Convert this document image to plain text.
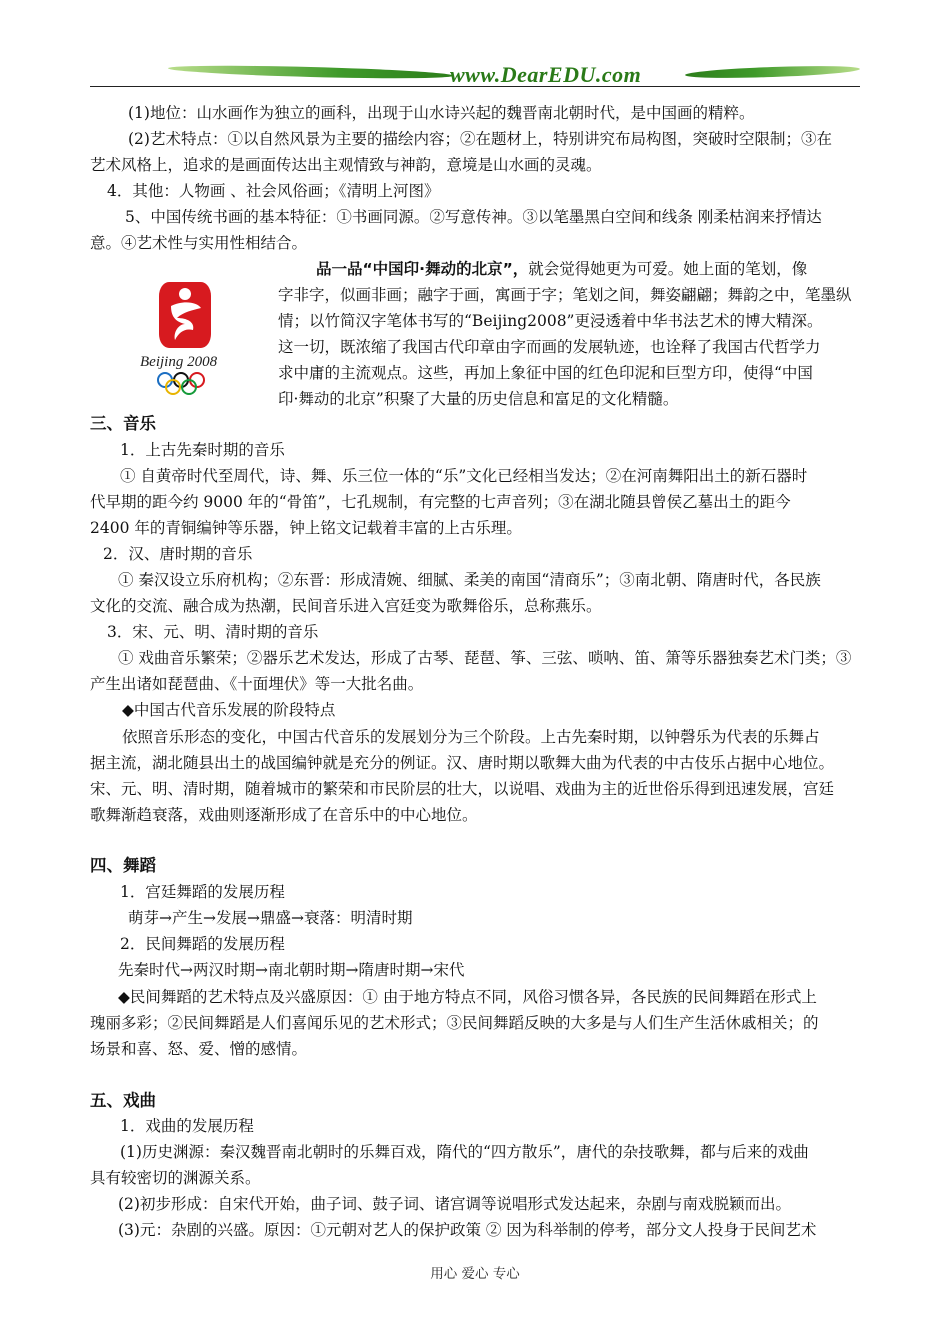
www.DearEDU.com
(1)地位：山水画作为独立的画科，出现于山水诗兴起的魏晋南北朝时代，是中国画的精粹。
(2)艺术特点：①以自然风景为主要的描绘内容；②在题材上，特别讲究布局构图，突破时空限制；③在
艺术风格上，追求的是画面传达出主观情致与神韵，意境是山水画的灵魂。
4．其他：人物画 、社会风俗画；《清明上河图》
5、中国传统书画的基本特征：①书画同源。②写意传神。③以笔墨黑白空间和线条 刚柔枯润来抒情达
意。④艺术性与实用性相结合。
Beijing 2008
品一品“中国印·舞动的北京”，就会觉得她更为可爱。她上面的笔划，像
字非字，似画非画；融字于画，寓画于字；笔划之间，舞姿翩翩；舞韵之中，笔墨纵
情；以竹简汉字笔体书写的“Beijing2008”更浸透着中华书法艺术的博大精深。
这一切，既浓缩了我国古代印章由字而画的发展轨迹，也诠释了我国古代哲学力
求中庸的主流观点。这些，再加上象征中国的红色印泥和巨型方印，使得“中国
印·舞动的北京”积聚了大量的历史信息和富足的文化精髓。
三、音乐
1．上古先秦时期的音乐
① 自黄帝时代至周代，诗、舞、乐三位一体的“乐”文化已经相当发达；②在河南舞阳出土的新石器时
代早期的距今约 9000 年的“骨笛”，七孔规制，有完整的七声音列；③在湖北随县曾侯乙墓出土的距今
2400 年的青铜编钟等乐器，钟上铭文记载着丰富的上古乐理。
2．汉、唐时期的音乐
① 秦汉设立乐府机构；②东晋：形成清婉、细腻、柔美的南国“清商乐”；③南北朝、隋唐时代，各民族
文化的交流、融合成为热潮，民间音乐进入宫廷变为歌舞俗乐，总称燕乐。
3．宋、元、明、清时期的音乐
① 戏曲音乐繁荣；②器乐艺术发达，形成了古琴、琵琶、筝、三弦、唢呐、笛、箫等乐器独奏艺术门类；③
产生出诸如琵琶曲、《十面埋伏》等一大批名曲。
◆中国古代音乐发展的阶段特点
依照音乐形态的变化，中国古代音乐的发展划分为三个阶段。上古先秦时期，以钟磬乐为代表的乐舞占
据主流，湖北随县出土的战国编钟就是充分的例证。汉、唐时期以歌舞大曲为代表的中古伎乐占据中心地位。
宋、元、明、清时期，随着城市的繁荣和市民阶层的壮大，以说唱、戏曲为主的近世俗乐得到迅速发展，宫廷
歌舞渐趋衰落，戏曲则逐渐形成了在音乐中的中心地位。
四、舞蹈
1．宫廷舞蹈的发展历程
萌芽→产生→发展→鼎盛→衰落：明清时期
2．民间舞蹈的发展历程
先秦时代→两汉时期→南北朝时期→隋唐时期→宋代
◆民间舞蹈的艺术特点及兴盛原因：① 由于地方特点不同，风俗习惯各异，各民族的民间舞蹈在形式上
瑰丽多彩；②民间舞蹈是人们喜闻乐见的艺术形式；③民间舞蹈反映的大多是与人们生产生活休戚相关；的
场景和喜、怒、爱、憎的感情。
五、戏曲
1．戏曲的发展历程
(1)历史渊源：秦汉魏晋南北朝时的乐舞百戏，隋代的“四方散乐”，唐代的杂技歌舞，都与后来的戏曲
具有较密切的渊源关系。
(2)初步形成：自宋代开始，曲子词、鼓子词、诸宫调等说唱形式发达起来，杂剧与南戏脱颖而出。
(3)元：杂剧的兴盛。原因：①元朝对艺人的保护政策 ② 因为科举制的停考，部分文人投身于民间艺术
用心 爱心 专心
